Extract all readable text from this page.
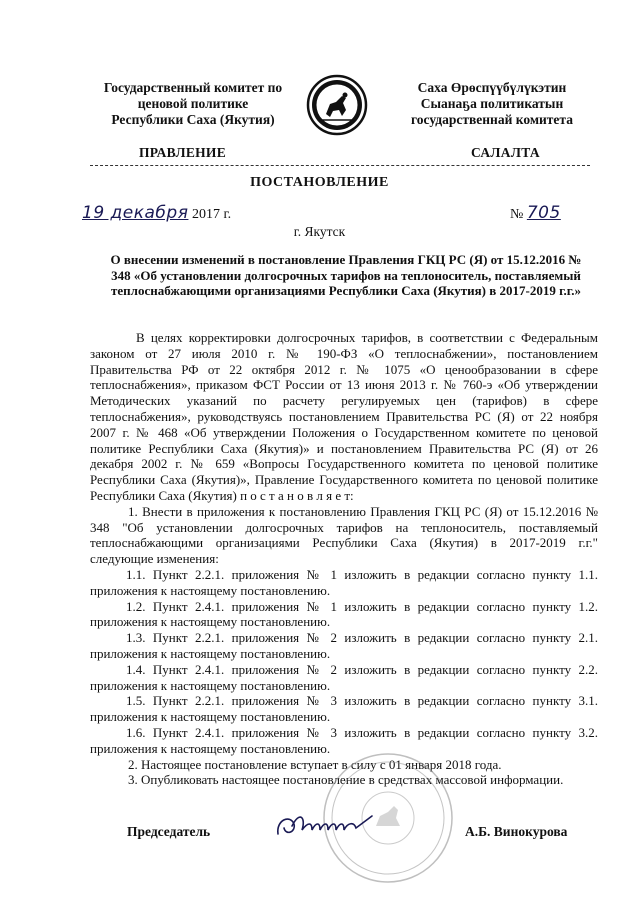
Государственный комитет по
ценовой политике
Республики Саха (Якутия)
Саха Өрөспүүбүлүкэтин
Сыанаҕа политикатын
государственнай комитета
ПРАВЛЕНИЕ	САЛАЛТА
ПОСТАНОВЛЕНИЕ
19 декабря 2017 г.	№ 705
г. Якутск
О внесении изменений в постановление Правления ГКЦ РС (Я) от 15.12.2016 № 348 «Об установлении долгосрочных тарифов на теплоноситель, поставляемый теплоснабжающими организациями Республики Саха (Якутия) в 2017-2019 г.г.»

В целях корректировки долгосрочных тарифов, в соответствии с Федеральным законом от 27 июля 2010 г. № 190-ФЗ «О теплоснабжении», постановлением Правительства РФ от 22 октября 2012 г. № 1075 «О ценообразовании в сфере теплоснабжения», приказом ФСТ России от 13 июня 2013 г. № 760-э «Об утверждении Методических указаний по расчету регулируемых цен (тарифов) в сфере теплоснабжения», руководствуясь постановлением Правительства РС (Я) от 22 ноября 2007 г. № 468 «Об утверждении Положения о Государственном комитете по ценовой политике Республики Саха (Якутия)» и постановлением Правительства РС (Я) от 26 декабря 2002 г. № 659 «Вопросы Государственного комитета по ценовой политике Республики Саха (Якутия)», Правление Государственного комитета по ценовой политике Республики Саха (Якутия) п о с т а н о в л я е т:

1. Внести в приложения к постановлению Правления ГКЦ РС (Я) от 15.12.2016 № 348 "Об установлении долгосрочных тарифов на теплоноситель, поставляемый теплоснабжающими организациями Республики Саха (Якутия) в 2017-2019 г.г." следующие изменения:

1.1. Пункт 2.2.1. приложения № 1 изложить в редакции согласно пункту 1.1. приложения к настоящему постановлению.

1.2. Пункт 2.4.1. приложения № 1 изложить в редакции согласно пункту 1.2. приложения к настоящему постановлению.

1.3. Пункт 2.2.1. приложения № 2 изложить в редакции согласно пункту 2.1. приложения к настоящему постановлению.

1.4. Пункт 2.4.1. приложения № 2 изложить в редакции согласно пункту 2.2. приложения к настоящему постановлению.

1.5. Пункт 2.2.1. приложения № 3 изложить в редакции согласно пункту 3.1. приложения к настоящему постановлению.

1.6. Пункт 2.4.1. приложения № 3 изложить в редакции согласно пункту 3.2. приложения к настоящему постановлению.

2. Настоящее постановление вступает в силу с 01 января 2018 года.

3. Опубликовать настоящее постановление в средствах массовой информации.

Председатель	А.Б. Винокурова
